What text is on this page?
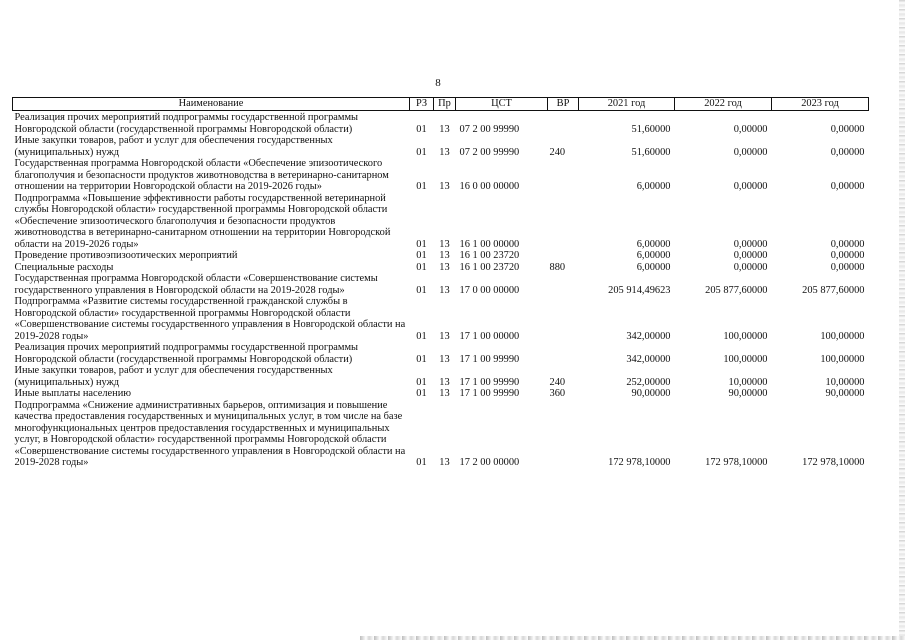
8
Наименование	РЗ	Пр	ЦСТ	ВР	2021 год	2022 год	2023 год
Реализация прочих мероприятий подпрограммы государственной программы Новгородской области (государственной программы Новгородской области)	01	13	07 2 00 99990		51,60000	0,00000	0,00000
Иные закупки товаров, работ и услуг для обеспечения государственных (муниципальных) нужд	01	13	07 2 00 99990	240	51,60000	0,00000	0,00000
Государственная программа Новгородской области «Обеспечение эпизоотического благополучия и безопасности продуктов животноводства в ветеринарно-санитарном отношении на территории Новгородской области на 2019-2026 годы»	01	13	16 0 00 00000		6,00000	0,00000	0,00000
Подпрограмма «Повышение эффективности работы государственной ветеринарной службы Новгородской области» государственной программы Новгородской области «Обеспечение эпизоотического благополучия и безопасности продуктов животноводства в ветеринарно-санитарном отношении на территории Новгородской области на 2019-2026 годы»	01	13	16 1 00 00000		6,00000	0,00000	0,00000
Проведение противоэпизоотических мероприятий	01	13	16 1 00 23720		6,00000	0,00000	0,00000
Специальные расходы	01	13	16 1 00 23720	880	6,00000	0,00000	0,00000
Государственная программа Новгородской области «Совершенствование системы государственного управления в Новгородской области на 2019-2028 годы»	01	13	17 0 00 00000		205 914,49623	205 877,60000	205 877,60000
Подпрограмма «Развитие системы государственной гражданской службы в Новгородской области» государственной программы Новгородской области «Совершенствование системы государственного управления в Новгородской области на 2019-2028 годы»	01	13	17 1 00 00000		342,00000	100,00000	100,00000
Реализация прочих мероприятий подпрограммы государственной программы Новгородской области (государственной программы Новгородской области)	01	13	17 1 00 99990		342,00000	100,00000	100,00000
Иные закупки товаров, работ и услуг для обеспечения государственных (муниципальных) нужд	01	13	17 1 00 99990	240	252,00000	10,00000	10,00000
Иные выплаты населению	01	13	17 1 00 99990	360	90,00000	90,00000	90,00000
Подпрограмма «Снижение административных барьеров, оптимизация и повышение качества предоставления государственных и муниципальных услуг, в том числе на базе многофункциональных центров предоставления государственных и муниципальных услуг, в Новгородской области» государственной программы Новгородской области «Совершенствование системы государственного управления в Новгородской области на 2019-2028 годы»	01	13	17 2 00 00000		172 978,10000	172 978,10000	172 978,10000
